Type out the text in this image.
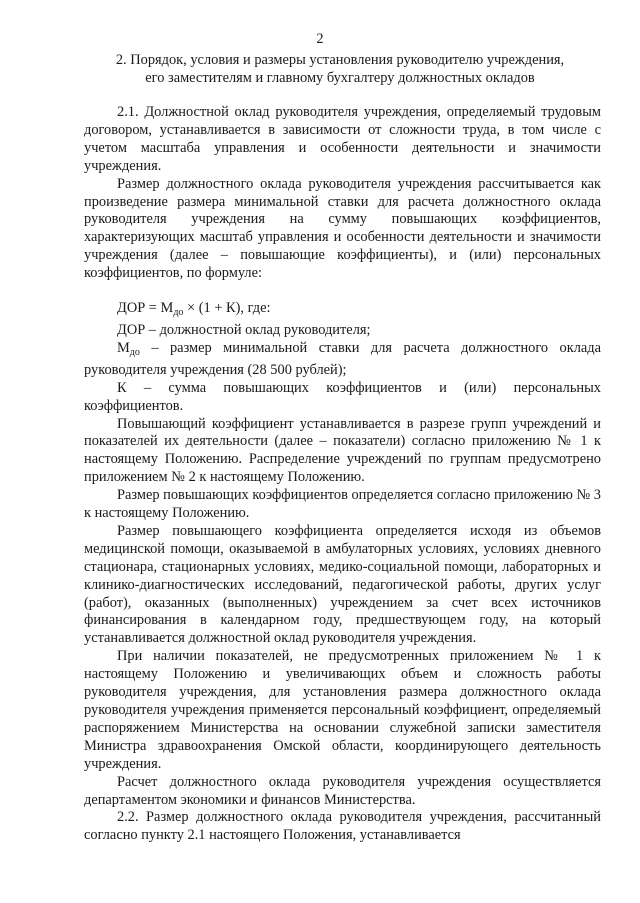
2
2. Порядок, условия и размеры установления руководителю учреждения,
его заместителям и главному бухгалтеру должностных окладов

2.1. Должностной оклад руководителя учреждения, определяемый трудовым договором, устанавливается в зависимости от сложности труда, в том числе с учетом масштаба управления и особенности деятельности и значимости учреждения.

Размер должностного оклада руководителя учреждения рассчитывается как произведение размера минимальной ставки для расчета должностного оклада руководителя учреждения на сумму повышающих коэффициентов, характеризующих масштаб управления и особенности деятельности и значимости учреждения (далее – повышающие коэффициенты), и (или) персональных коэффициентов, по формуле:

ДОР = $М_{до} \times (1 + К)$, где:

ДОР – должностной оклад руководителя;

$М_{до}$ – размер минимальной ставки для расчета должностного оклада руководителя учреждения (28 500 рублей);

К – сумма повышающих коэффициентов и (или) персональных коэффициентов.

Повышающий коэффициент устанавливается в разрезе групп учреждений и показателей их деятельности (далее – показатели) согласно приложению № 1 к настоящему Положению. Распределение учреждений по группам предусмотрено приложением № 2 к настоящему Положению.

Размер повышающих коэффициентов определяется согласно приложению № 3 к настоящему Положению.

Размер повышающего коэффициента определяется исходя из объемов медицинской помощи, оказываемой в амбулаторных условиях, условиях дневного стационара, стационарных условиях, медико-социальной помощи, лабораторных и клинико-диагностических исследований, педагогической работы, других услуг (работ), оказанных (выполненных) учреждением за счет всех источников финансирования в календарном году, предшествующем году, на который устанавливается должностной оклад руководителя учреждения.

При наличии показателей, не предусмотренных приложением № 1 к настоящему Положению и увеличивающих объем и сложность работы руководителя учреждения, для установления размера должностного оклада руководителя учреждения применяется персональный коэффициент, определяемый распоряжением Министерства на основании служебной записки заместителя Министра здравоохранения Омской области, координирующего деятельность учреждения.

Расчет должностного оклада руководителя учреждения осуществляется департаментом экономики и финансов Министерства.

2.2. Размер должностного оклада руководителя учреждения, рассчитанный согласно пункту 2.1 настоящего Положения, устанавливается
